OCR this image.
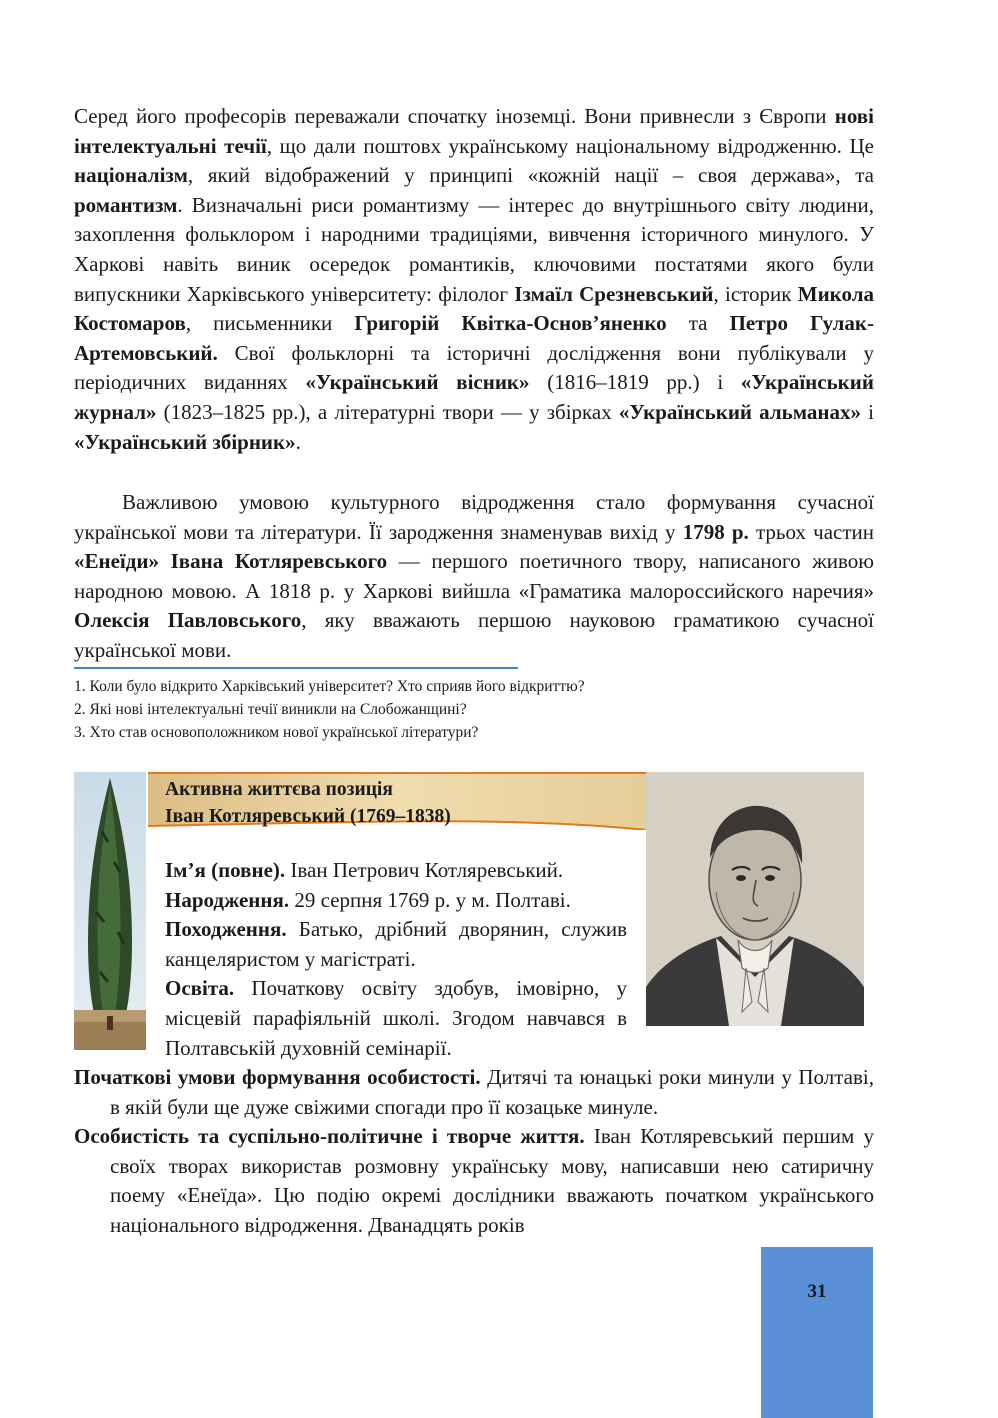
Серед його професорів переважали спочатку іноземці. Вони привнесли з Європи нові інтелектуальні течії, що дали поштовх українському національному відродженню. Це націоналізм, який відображений у принципі «кожній нації – своя держава», та романтизм. Визначальні риси романтизму — інтерес до внутрішнього світу людини, захоплення фольклором і народними традиціями, вивчення історичного минулого. У Харкові навіть виник осередок романтиків, ключовими постатями якого були випускники Харківського університету: філолог Ізмаїл Срезневський, історик Микола Костомаров, письменники Григорій Квітка-Основ’яненко та Петро Гулак-Артемовський. Свої фольклорні та історичні дослідження вони публікували у періодичних виданнях «Український вісник» (1816–1819 рр.) і «Український журнал» (1823–1825 рр.), а літературні твори — у збірках «Український альманах» і «Український збірник».
Важливою умовою культурного відродження стало формування сучасної української мови та літератури. Її зародження знаменував вихід у 1798 р. трьох частин «Енеїди» Івана Котляревського — першого поетичного твору, написаного живою народною мовою. А 1818 р. у Харкові вийшла «Граматика малороссийского наречия» Олексія Павловського, яку вважають першою науковою граматикою сучасної української мови.
1. Коли було відкрито Харківський університет? Хто сприяв його відкриттю?
2. Які нові інтелектуальні течії виникли на Слобожанщині?
3. Хто став основоположником нової української літератури?
Активна життєва позиція
Іван Котляревський (1769–1838)
Ім’я (повне). Іван Петрович Котляревський.
Народження. 29 серпня 1769 р. у м. Полтаві.
Походження. Батько, дрібний дворянин, служив канцеляристом у магістраті.
Освіта. Початкову освіту здобув, імовірно, у місцевій парафіяльній школі. Згодом навчався в Полтавській духовній семінарії.
Початкові умови формування особистості. Дитячі та юнацькі роки минули у Полтаві, в якій були ще дуже свіжими спогади про її козацьке минуле.
Особистість та суспільно-політичне і творче життя. Іван Котляревський першим у своїх творах використав розмовну українську мову, написавши нею сатиричну поему «Енеїда». Цю подію окремі дослідники вважають початком українського національного відродження. Дванадцять років
31
